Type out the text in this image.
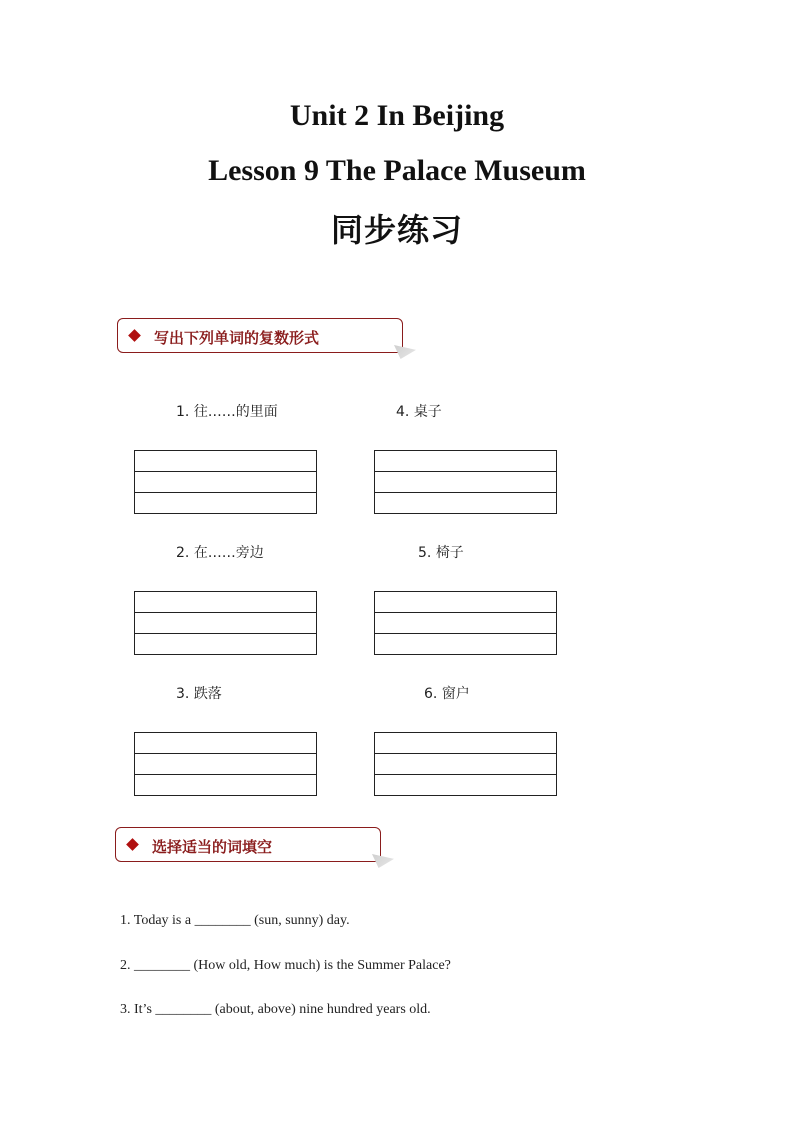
Unit 2 In Beijing
Lesson 9 The Palace Museum
同步练习
写出下列单词的复数形式
1. 往……的里面	4. 桌子
2. 在……旁边	5. 椅子
3. 跌落	6. 窗户
选择适当的词填空
1. Today is a ________ (sun, sunny) day.
2. ________ (How old, How much) is the Summer Palace?
3. It’s ________ (about, above) nine hundred years old.
